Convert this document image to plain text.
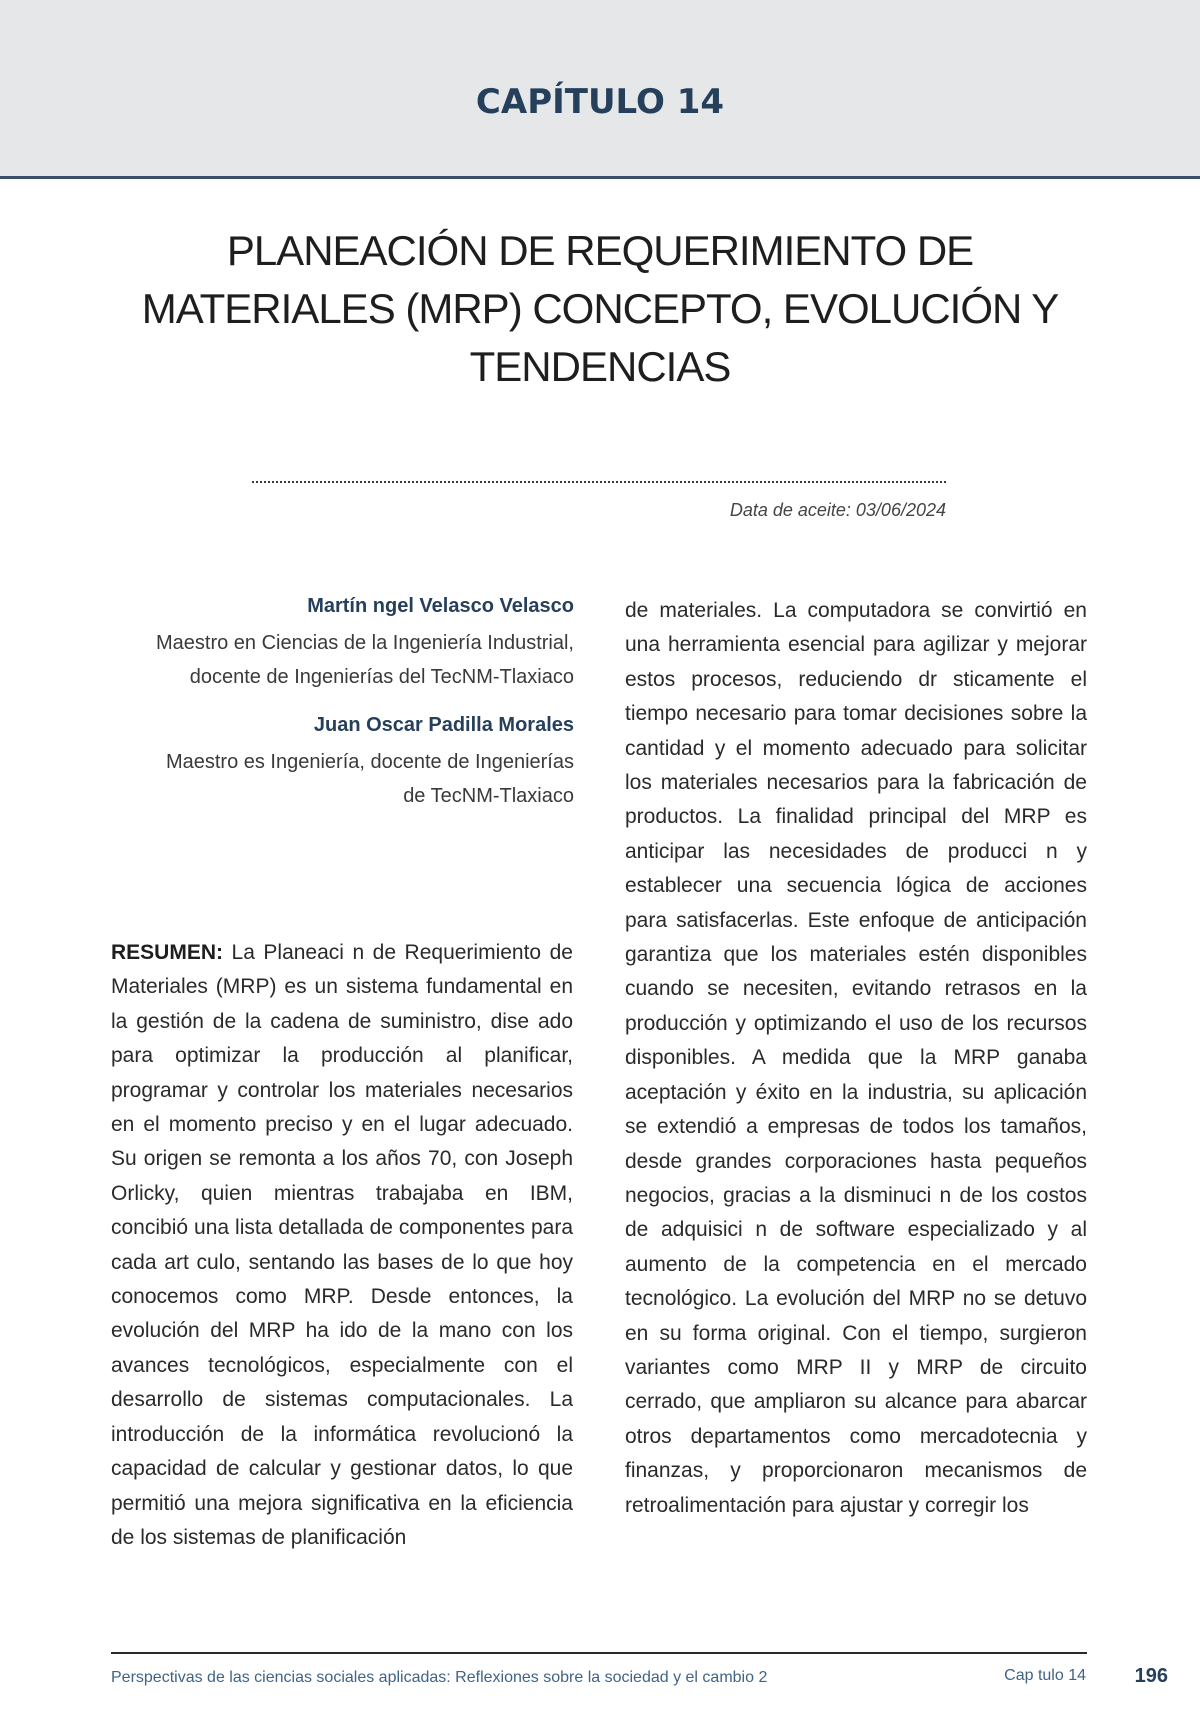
CAPÍTULO 14
PLANEACIÓN DE REQUERIMIENTO DE
MATERIALES (MRP) CONCEPTO, EVOLUCIÓN Y
TENDENCIAS
Data de aceite: 03/06/2024
Martín ngel Velasco Velasco
Maestro en Ciencias de la Ingeniería Industrial, docente de Ingenierías del TecNM-Tlaxiaco
Juan Oscar Padilla Morales
Maestro es Ingeniería, docente de Ingenierías de TecNM-Tlaxiaco
RESUMEN: La Planeaci n de Requerimiento de Materiales (MRP) es un sistema fundamental en la gestión de la cadena de suministro, dise ado para optimizar la producción al planificar, programar y controlar los materiales necesarios en el momento preciso y en el lugar adecuado. Su origen se remonta a los años 70, con Joseph Orlicky, quien mientras trabajaba en IBM, concibió una lista detallada de componentes para cada art culo, sentando las bases de lo que hoy conocemos como MRP. Desde entonces, la evolución del MRP ha ido de la mano con los avances tecnológicos, especialmente con el desarrollo de sistemas computacionales. La introducción de la informática revolucionó la capacidad de calcular y gestionar datos, lo que permitió una mejora significativa en la eficiencia de los sistemas de planificación
de materiales. La computadora se convirtió en una herramienta esencial para agilizar y mejorar estos procesos, reduciendo dr sticamente el tiempo necesario para tomar decisiones sobre la cantidad y el momento adecuado para solicitar los materiales necesarios para la fabricación de productos. La finalidad principal del MRP es anticipar las necesidades de producci n y establecer una secuencia lógica de acciones para satisfacerlas. Este enfoque de anticipación garantiza que los materiales estén disponibles cuando se necesiten, evitando retrasos en la producción y optimizando el uso de los recursos disponibles. A medida que la MRP ganaba aceptación y éxito en la industria, su aplicación se extendió a empresas de todos los tamaños, desde grandes corporaciones hasta pequeños negocios, gracias a la disminuci n de los costos de adquisici n de software especializado y al aumento de la competencia en el mercado tecnológico. La evolución del MRP no se detuvo en su forma original. Con el tiempo, surgieron variantes como MRP II y MRP de circuito cerrado, que ampliaron su alcance para abarcar otros departamentos como mercadotecnia y finanzas, y proporcionaron mecanismos de retroalimentación para ajustar y corregir los
Perspectivas de las ciencias sociales aplicadas: Reflexiones sobre la sociedad y el cambio 2	Cap tulo 14	196
